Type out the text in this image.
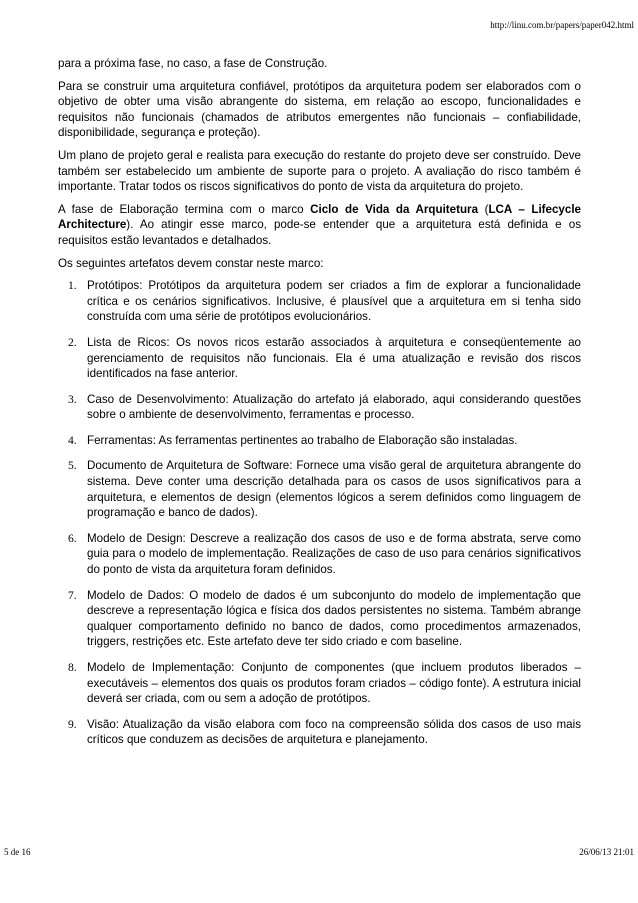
http://linu.com.br/papers/paper042.html

para a próxima fase, no caso, a fase de Construção.

Para se construir uma arquitetura confiável, protótipos da arquitetura podem ser elaborados com o objetivo de obter uma visão abrangente do sistema, em relação ao escopo, funcionalidades e requisitos não funcionais (chamados de atributos emergentes não funcionais – confiabilidade, disponibilidade, segurança e proteção).

Um plano de projeto geral e realista para execução do restante do projeto deve ser construído. Deve também ser estabelecido um ambiente de suporte para o projeto. A avaliação do risco também é importante. Tratar todos os riscos significativos do ponto de vista da arquitetura do projeto.

A fase de Elaboração termina com o marco Ciclo de Vida da Arquitetura (LCA – Lifecycle Architecture). Ao atingir esse marco, pode-se entender que a arquitetura está definida e os requisitos estão levantados e detalhados.

Os seguintes artefatos devem constar neste marco:

1. Protótipos: Protótipos da arquitetura podem ser criados a fim de explorar a funcionalidade crítica e os cenários significativos. Inclusive, é plausível que a arquitetura em si tenha sido construída com uma série de protótipos evolucionários.
2. Lista de Ricos: Os novos ricos estarão associados à arquitetura e conseqüentemente ao gerenciamento de requisitos não funcionais. Ela é uma atualização e revisão dos riscos identificados na fase anterior.
3. Caso de Desenvolvimento: Atualização do artefato já elaborado, aqui considerando questões sobre o ambiente de desenvolvimento, ferramentas e processo.
4. Ferramentas: As ferramentas pertinentes ao trabalho de Elaboração são instaladas.
5. Documento de Arquitetura de Software: Fornece uma visão geral de arquitetura abrangente do sistema. Deve conter uma descrição detalhada para os casos de usos significativos para a arquitetura, e elementos de design (elementos lógicos a serem definidos como linguagem de programação e banco de dados).
6. Modelo de Design: Descreve a realização dos casos de uso e de forma abstrata, serve como guia para o modelo de implementação. Realizações de caso de uso para cenários significativos do ponto de vista da arquitetura foram definidos.
7. Modelo de Dados: O modelo de dados é um subconjunto do modelo de implementação que descreve a representação lógica e física dos dados persistentes no sistema. Também abrange qualquer comportamento definido no banco de dados, como procedimentos armazenados, triggers, restrições etc. Este artefato deve ter sido criado e com baseline.
8. Modelo de Implementação: Conjunto de componentes (que incluem produtos liberados – executáveis – elementos dos quais os produtos foram criados – código fonte). A estrutura inicial deverá ser criada, com ou sem a adoção de protótipos.
9. Visão: Atualização da visão elabora com foco na compreensão sólida dos casos de uso mais críticos que conduzem as decisões de arquitetura e planejamento.
5 de 16	26/06/13 21:01
